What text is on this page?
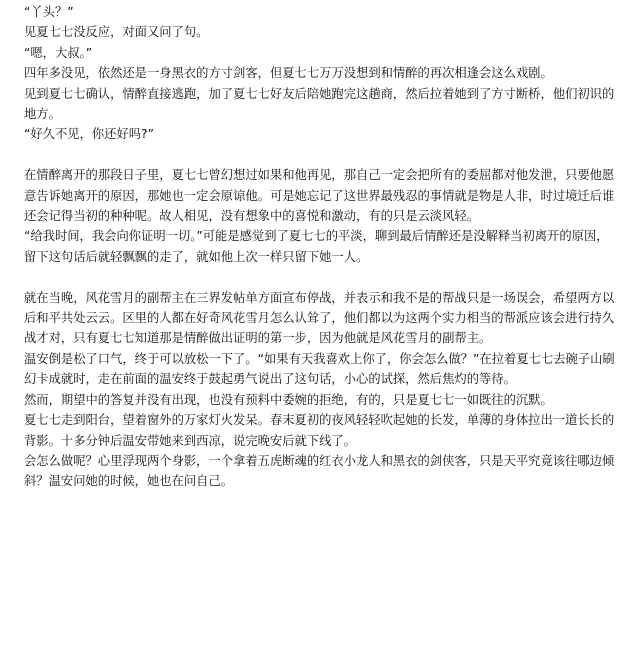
“丫头？”

见夏七七没反应，对面又问了句。

“嗯，大叔。”

四年多没见，依然还是一身黑衣的方寸剑客，但夏七七万万没想到和情醉的再次相逢会这么戏剧。

见到夏七七确认，情醉直接逃跑，加了夏七七好友后陪她跑完这趟商，然后拉着她到了方寸断桥，他们初识的地方。

“好久不见，你还好吗?”

在情醉离开的那段日子里，夏七七曾幻想过如果和他再见，那自己一定会把所有的委屈都对他发泄，只要他愿意告诉她离开的原因，那她也一定会原谅他。可是她忘记了这世界最残忍的事情就是物是人非，时过境迁后谁还会记得当初的种种呢。故人相见，没有想象中的喜悦和激动，有的只是云淡风轻。

“给我时间，我会向你证明一切。”可能是感觉到了夏七七的平淡，聊到最后情醉还是没解释当初离开的原因，留下这句话后就轻飘飘的走了，就如他上次一样只留下她一人。

就在当晚，风花雪月的副帮主在三界发帖单方面宣布停战，并表示和我不是的帮战只是一场误会，希望两方以后和平共处云云。区里的人都在好奇风花雪月怎么认耸了，他们都以为这两个实力相当的帮派应该会进行持久战才对，只有夏七七知道那是情醉做出证明的第一步，因为他就是风花雪月的副帮主。

温安倒是松了口气，终于可以放松一下了。“如果有天我喜欢上你了，你会怎么做？”在拉着夏七七去碗子山刷幻卡成就时，走在前面的温安终于鼓起勇气说出了这句话，小心的试探，然后焦灼的等待。

然而，期望中的答复并没有出现，也没有预料中委婉的拒绝，有的，只是夏七七一如既往的沉默。

夏七七走到阳台，望着窗外的万家灯火发呆。春末夏初的夜风轻轻吹起她的长发，单薄的身体拉出一道长长的背影。十多分钟后温安带她来到西凉，说完晚安后就下线了。

会怎么做呢？心里浮现两个身影，一个拿着五虎断魂的红衣小龙人和黑衣的剑侠客，只是天平究竟该往哪边倾斜？温安问她的时候，她也在问自己。
